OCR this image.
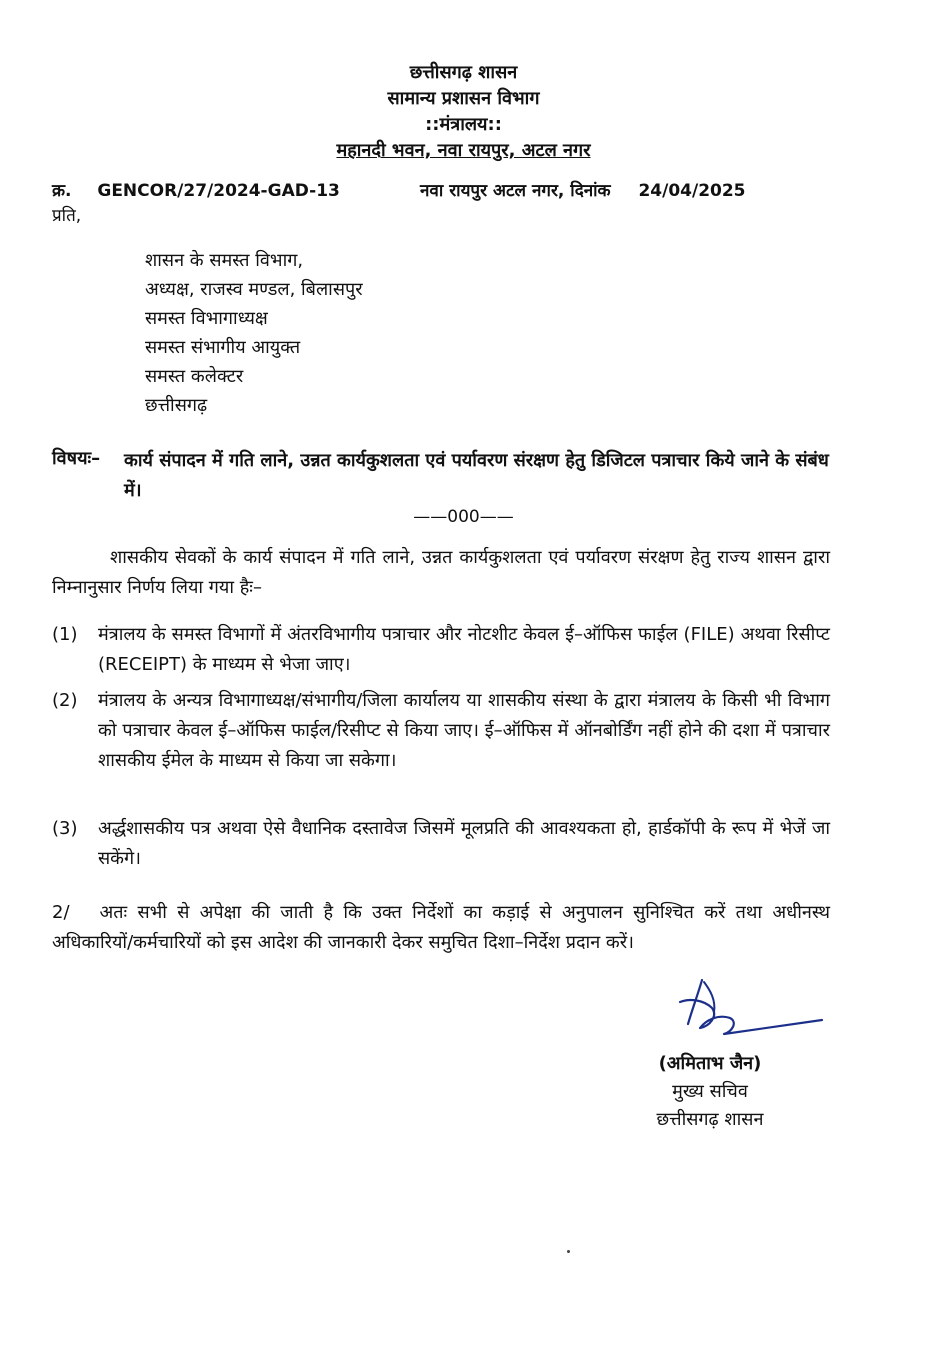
छत्तीसगढ़ शासन
सामान्य प्रशासन विभाग
::मंत्रालय::
महानदी भवन, नवा रायपुर, अटल नगर
क्र. GENCOR/27/2024-GAD-13	नवा रायपुर अटल नगर, दिनांक 24/04/2025
प्रति,
शासन के समस्त विभाग,
अध्यक्ष, राजस्व मण्डल, बिलासपुर
समस्त विभागाध्यक्ष
समस्त संभागीय आयुक्त
समस्त कलेक्टर
छत्तीसगढ़
विषयः– कार्य संपादन में गति लाने, उन्नत कार्यकुशलता एवं पर्यावरण संरक्षण हेतु डिजिटल पत्राचार किये जाने के संबंध में।
——000——
शासकीय सेवकों के कार्य संपादन में गति लाने, उन्नत कार्यकुशलता एवं पर्यावरण संरक्षण हेतु राज्य शासन द्वारा निम्नानुसार निर्णय लिया गया हैः–
(1) मंत्रालय के समस्त विभागों में अंतरविभागीय पत्राचार और नोटशीट केवल ई–ऑफिस फाईल (FILE) अथवा रिसीप्ट (RECEIPT) के माध्यम से भेजा जाए।
(2) मंत्रालय के अन्यत्र विभागाध्यक्ष/संभागीय/जिला कार्यालय या शासकीय संस्था के द्वारा मंत्रालय के किसी भी विभाग को पत्राचार केवल ई–ऑफिस फाईल/रिसीप्ट से किया जाए। ई–ऑफिस में ऑनबोर्डिंग नहीं होने की दशा में पत्राचार शासकीय ईमेल के माध्यम से किया जा सकेगा।
(3) अर्द्धशासकीय पत्र अथवा ऐसे वैधानिक दस्तावेज जिसमें मूलप्रति की आवश्यकता हो, हार्डकॉपी के रूप में भेजें जा सकेंगे।
2/ अतः सभी से अपेक्षा की जाती है कि उक्त निर्देशों का कड़ाई से अनुपालन सुनिश्चित करें तथा अधीनस्थ अधिकारियों/कर्मचारियों को इस आदेश की जानकारी देकर समुचित दिशा–निर्देश प्रदान करें।
(अमिताभ जैन)
मुख्य सचिव
छत्तीसगढ़ शासन
